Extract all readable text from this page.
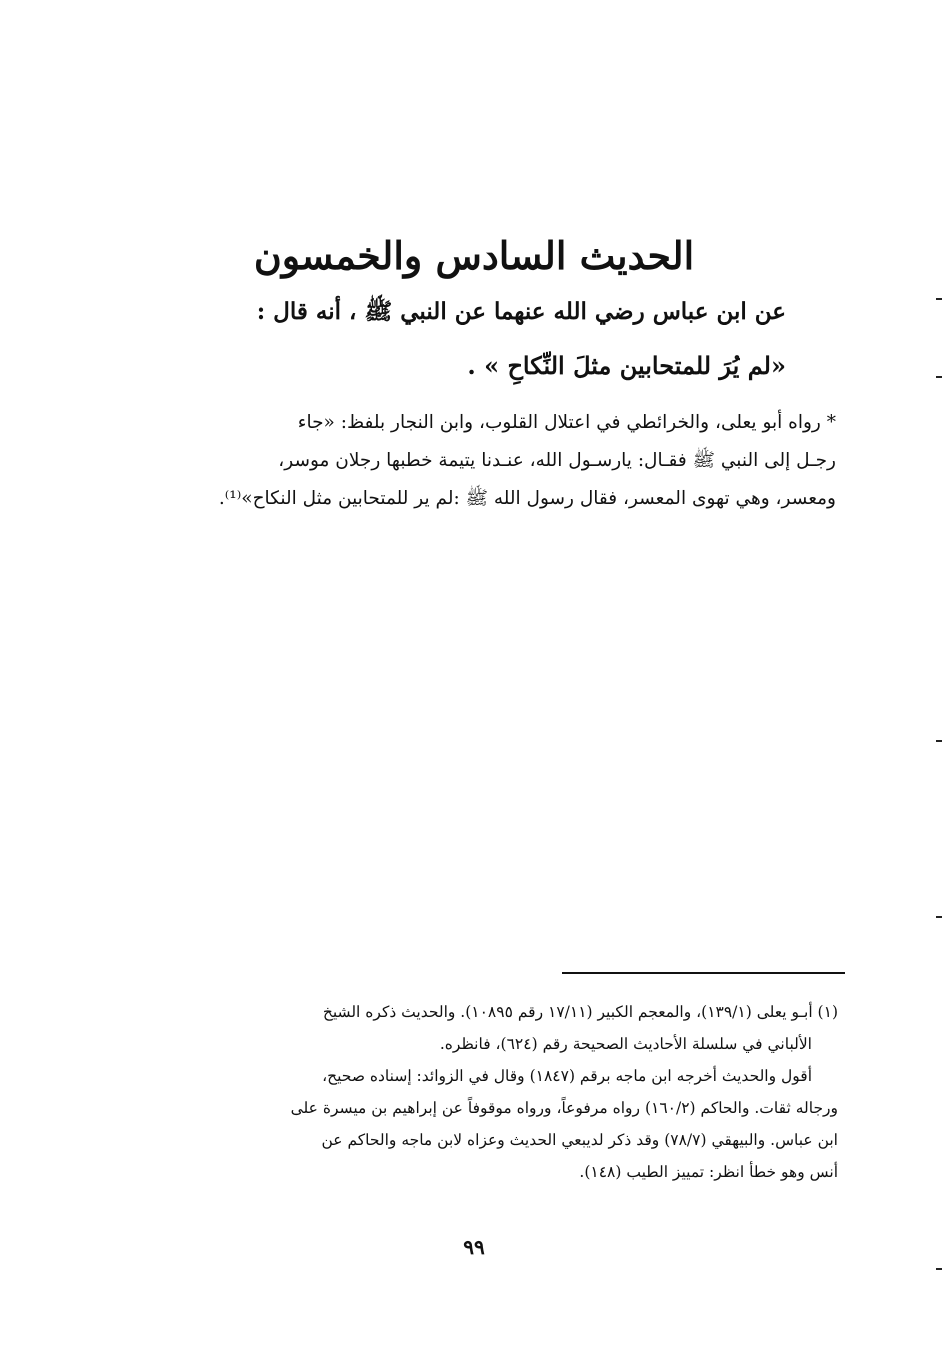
الحديث السادس والخمسون
عن ابن عباس رضي الله عنهما عن النبي ﷺ ، أنه قال :
«لم يُرَ للمتحابين مثلَ النِّكاحِ » .

* رواه أبو يعلى، والخرائطي في اعتلال القلوب، وابن النجار بلفظ: «جاء

رجـل إلى النبي ﷺ فقـال: يارسـول الله، عنـدنا يتيمة خطبها رجلان موسر،

ومعسر، وهي تهوى المعسر، فقال رسول الله ﷺ :لم ير للمتحابين مثل النكاح»⁽¹⁾.

(١) أبـو يعلى (١٣٩/١)، والمعجم الكبير (١٧/١١ رقم ١٠٨٩٥). والحديث ذكره الشيخ

الألباني في سلسلة الأحاديث الصحيحة رقم (٦٢٤)، فانظره.

أقول والحديث أخرجه ابن ماجه برقم (١٨٤٧) وقال في الزوائد: إسناده صحيح،

ورجاله ثقات. والحاكم (١٦٠/٢) رواه مرفوعاً، ورواه موقوفاً عن إبراهيم بن ميسرة على

ابن عباس. والبيهقي (٧٨/٧) وقد ذكر لديبعي الحديث وعزاه لابن ماجه والحاكم عن

أنس وهو خطأ انظر: تمييز الطيب (١٤٨).

٩٩
